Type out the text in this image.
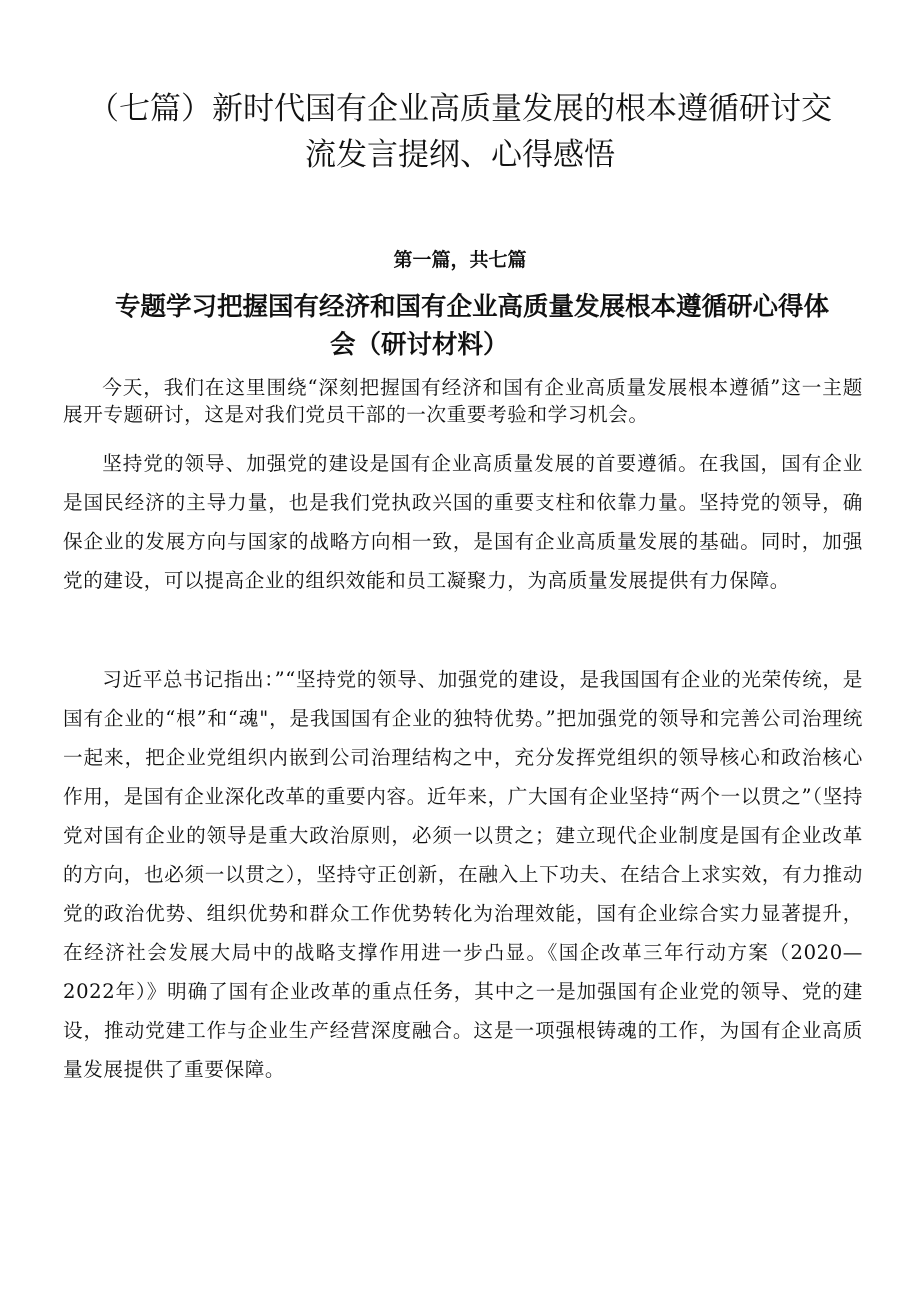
（七篇）新时代国有企业高质量发展的根本遵循研讨交
流发言提纲、心得感悟

第一篇，共七篇

专题学习把握国有经济和国有企业高质量发展根本遵循研心得体
会（研讨材料）

今天，我们在这里围绕“深刻把握国有经济和国有企业高质量发展根本遵循”这一主题展开专题研讨，这是对我们党员干部的一次重要考验和学习机会。

坚持党的领导、加强党的建设是国有企业高质量发展的首要遵循。在我国，国有企业是国民经济的主导力量，也是我们党执政兴国的重要支柱和依靠力量。坚持党的领导，确保企业的发展方向与国家的战略方向相一致，是国有企业高质量发展的基础。同时，加强党的建设，可以提高企业的组织效能和员工凝聚力，为高质量发展提供有力保障。

习近平总书记指出：”“坚持党的领导、加强党的建设，是我国国有企业的光荣传统，是国有企业的“根”和“魂"，是我国国有企业的独特优势。”把加强党的领导和完善公司治理统一起来，把企业党组织内嵌到公司治理结构之中，充分发挥党组织的领导核心和政治核心作用，是国有企业深化改革的重要内容。近年来，广大国有企业坚持“两个一以贯之”（坚持党对国有企业的领导是重大政治原则，必须一以贯之；建立现代企业制度是国有企业改革的方向，也必须一以贯之），坚持守正创新，在融入上下功夫、在结合上求实效，有力推动党的政治优势、组织优势和群众工作优势转化为治理效能，国有企业综合实力显著提升，在经济社会发展大局中的战略支撑作用进一步凸显。《国企改革三年行动方案（2020—2022年）》明确了国有企业改革的重点任务，其中之一是加强国有企业党的领导、党的建设，推动党建工作与企业生产经营深度融合。这是一项强根铸魂的工作，为国有企业高质量发展提供了重要保障。
